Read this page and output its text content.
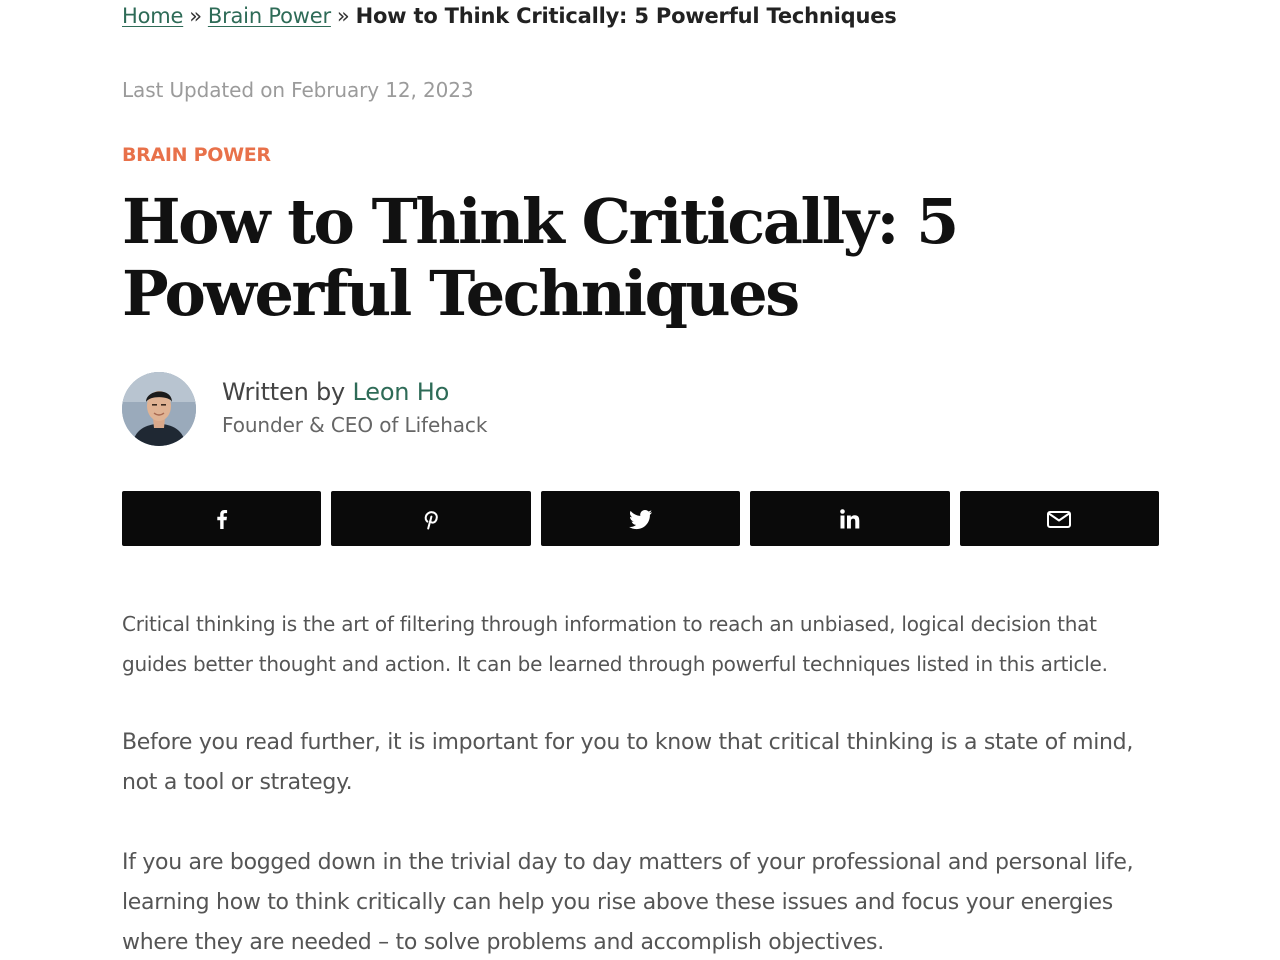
Home » Brain Power » How to Think Critically: 5 Powerful Techniques
Last Updated on February 12, 2023
BRAIN POWER
How to Think Critically: 5 Powerful Techniques
Written by Leon Ho
Founder & CEO of Lifehack

Critical thinking is the art of filtering through information to reach an unbiased, logical decision that guides better thought and action. It can be learned through powerful techniques listed in this article.

Before you read further, it is important for you to know that critical thinking is a state of mind, not a tool or strategy.

If you are bogged down in the trivial day to day matters of your professional and personal life, learning how to think critically can help you rise above these issues and focus your energies where they are needed – to solve problems and accomplish objectives.
